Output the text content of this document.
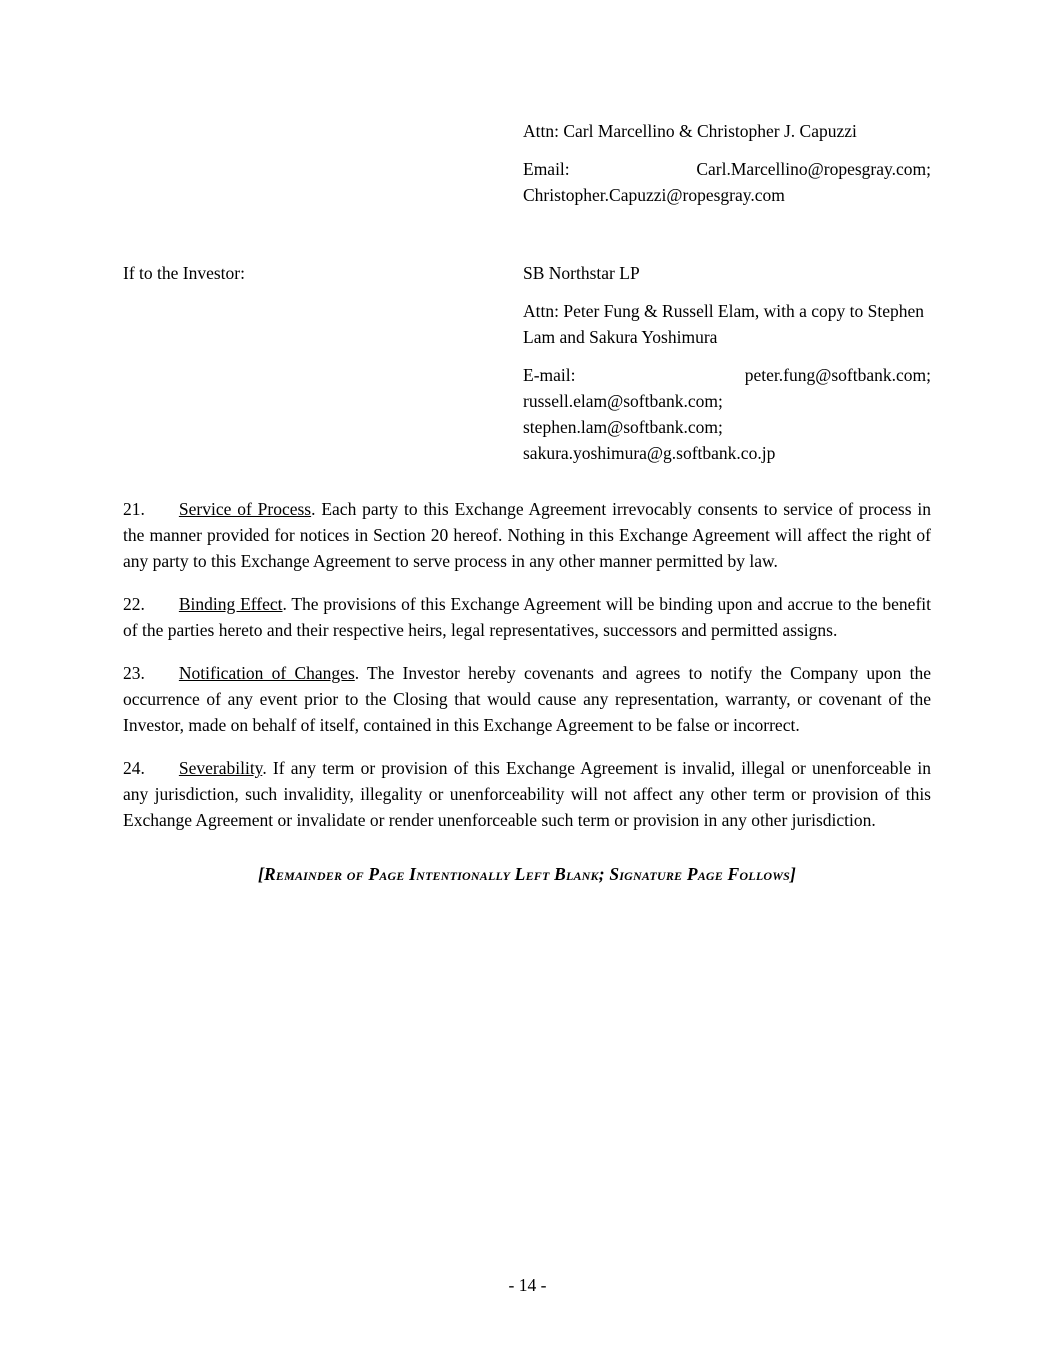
Attn: Carl Marcellino & Christopher J. Capuzzi
Email:	Carl.Marcellino@ropesgray.com;
Christopher.Capuzzi@ropesgray.com
If to the Investor:	SB Northstar LP
Attn: Peter Fung & Russell Elam, with a copy to Stephen Lam and Sakura Yoshimura
E-mail:	peter.fung@softbank.com;
russell.elam@softbank.com;
stephen.lam@softbank.com;
sakura.yoshimura@g.softbank.co.jp

21. Service of Process. Each party to this Exchange Agreement irrevocably consents to service of process in the manner provided for notices in Section 20 hereof. Nothing in this Exchange Agreement will affect the right of any party to this Exchange Agreement to serve process in any other manner permitted by law.

22. Binding Effect. The provisions of this Exchange Agreement will be binding upon and accrue to the benefit of the parties hereto and their respective heirs, legal representatives, successors and permitted assigns.

23. Notification of Changes. The Investor hereby covenants and agrees to notify the Company upon the occurrence of any event prior to the Closing that would cause any representation, warranty, or covenant of the Investor, made on behalf of itself, contained in this Exchange Agreement to be false or incorrect.

24. Severability. If any term or provision of this Exchange Agreement is invalid, illegal or unenforceable in any jurisdiction, such invalidity, illegality or unenforceability will not affect any other term or provision of this Exchange Agreement or invalidate or render unenforceable such term or provision in any other jurisdiction.

[Remainder of Page Intentionally Left Blank; Signature Page Follows]
- 14 -
